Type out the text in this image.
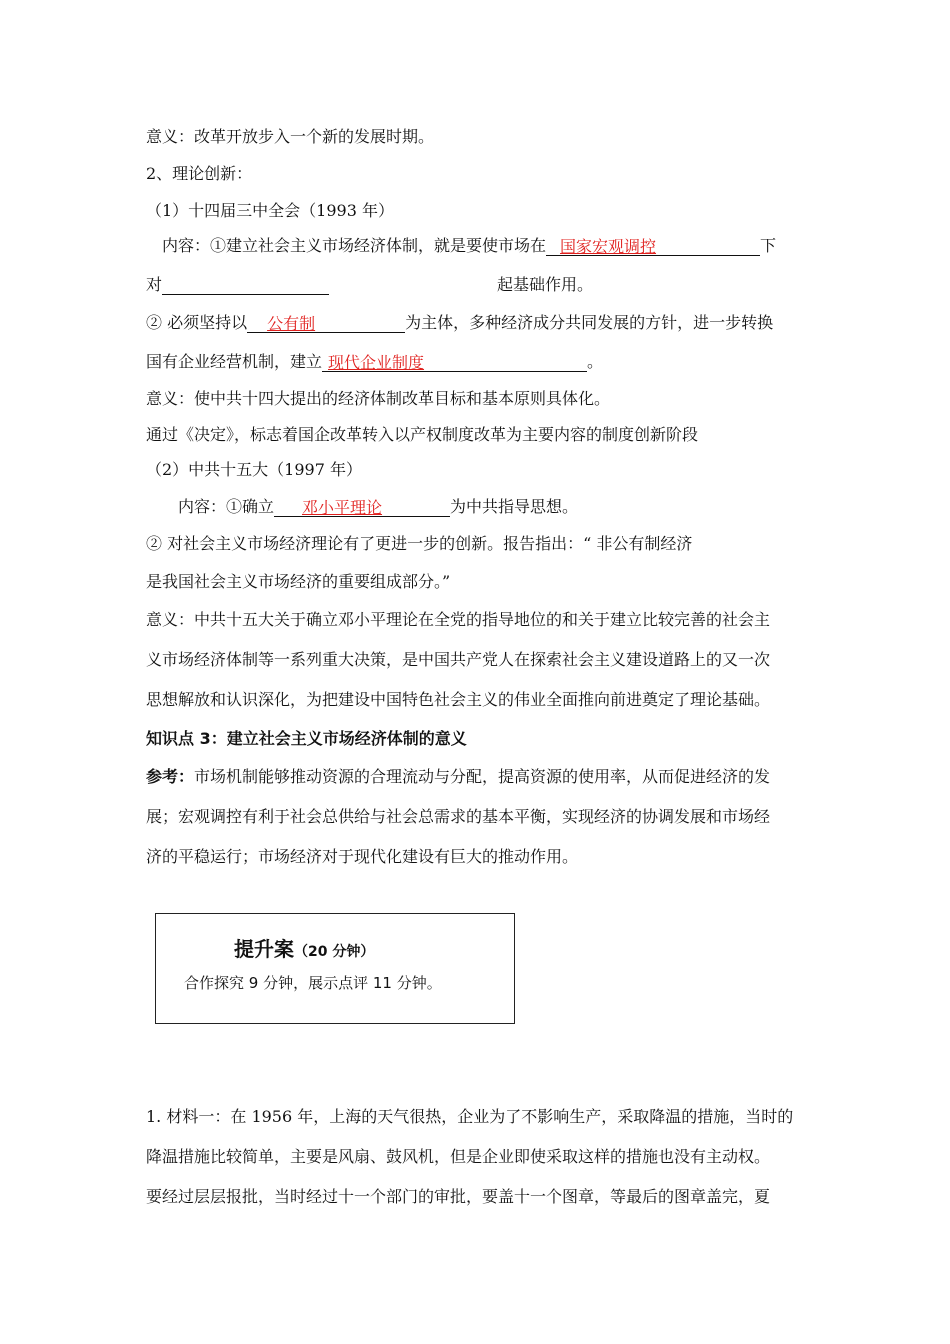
意义：改革开放步入一个新的发展时期。
2、理论创新：
（1）十四届三中全会（1993 年）
内容：①建立社会主义市场经济体制，就是要使市场在 国家宏观调控	下
对	起基础作用。
② 必须坚持以 公有制	为主体，多种经济成分共同发展的方针，进一步转换
国有企业经营机制，建立 现代企业制度	。
意义：使中共十四大提出的经济体制改革目标和基本原则具体化。
通过《决定》，标志着国企改革转入以产权制度改革为主要内容的制度创新阶段
（2）中共十五大（1997 年）
内容：①确立 邓小平理论	为中共指导思想。
② 对社会主义市场经济理论有了更进一步的创新。报告指出：“ 非公有制经济
是我国社会主义市场经济的重要组成部分。”
意义：中共十五大关于确立邓小平理论在全党的指导地位的和关于建立比较完善的社会主
义市场经济体制等一系列重大决策，是中国共产党人在探索社会主义建设道路上的又一次
思想解放和认识深化，为把建设中国特色社会主义的伟业全面推向前进奠定了理论基础。
知识点 3：建立社会主义市场经济体制的意义
参考：市场机制能够推动资源的合理流动与分配，提高资源的使用率，从而促进经济的发
展；宏观调控有利于社会总供给与社会总需求的基本平衡，实现经济的协调发展和市场经
济的平稳运行；市场经济对于现代化建设有巨大的推动作用。
提升案（20 分钟）
合作探究 9 分钟，展示点评 11 分钟。
1. 材料一：在 1956 年，上海的天气很热，企业为了不影响生产，采取降温的措施，当时的
降温措施比较简单，主要是风扇、鼓风机，但是企业即使采取这样的措施也没有主动权。
要经过层层报批，当时经过十一个部门的审批，要盖十一个图章，等最后的图章盖完，夏
